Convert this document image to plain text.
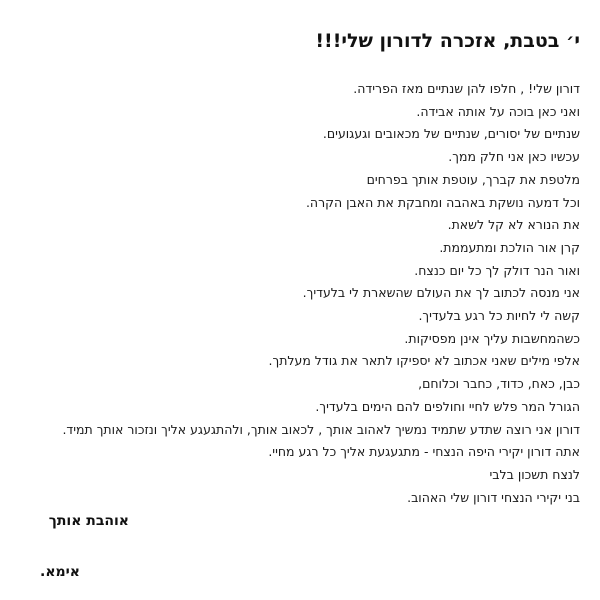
י׳ בטבת, אזכרה לדורון שלי!!!
דורון שלי! , חלפו להן שנתיים מאז הפרידה.
ואני כאן בוכה על אותה אבידה.
שנתיים של יסורים, שנתיים של מכאובים וגעגועים.
עכשיו כאן אני חלק ממך.
מלטפת את קברך, עוטפת אותך בפרחים
וכל דמעה נושקת באהבה ומחבקת את האבן הקרה.
את הנורא לא קל לשאת.
קרן אור הולכת ומתעממת.
ואור הנר דולק לך כל יום כנצח.
אני מנסה לכתוב לך את העולם שהשארת לי בלעדיך.
קשה לי לחיות כל רגע בלעדיך.
כשהמחשבות עליך אינן מפסיקות.
אלפי מילים שאני אכתוב לא יספיקו לתאר את גודל מעלתך.
כבן, כאח, כדוד, כחבר וכלוחם,
הגורל המר פלש לחיי וחולפים להם הימים בלעדיך.
דורון אני רוצה שתדע שתמיד נמשיך לאהוב אותך , לכאוב אותך, ולהתגעגע אליך ונזכור אותך תמיד.
אתה דורון יקירי היפה הנצחי - מתגעגעת אליך כל רגע מחיי.
לנצח תשכון בלבי
בני יקירי הנצחי דורון שלי האהוב.

אוהבת אותך

אימא.
